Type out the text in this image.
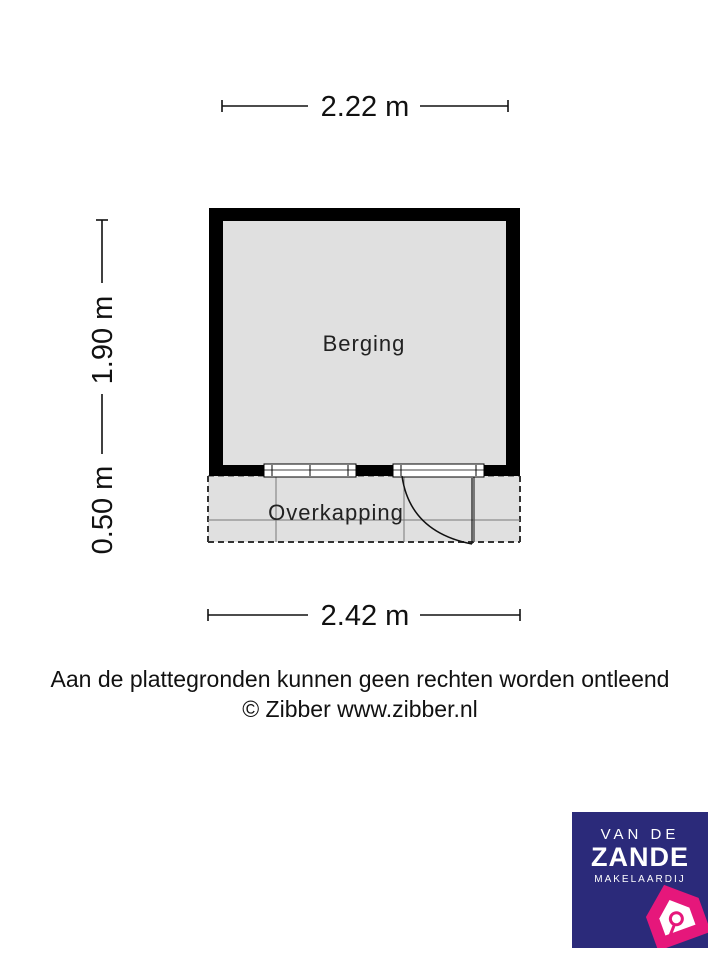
2.22 m
1.90 m
0.50 m
Berging
Overkapping
2.42 m
Aan de plattegronden kunnen geen rechten worden ontleend
© Zibber www.zibber.nl
VAN DE
ZANDE
MAKELAARDIJ
